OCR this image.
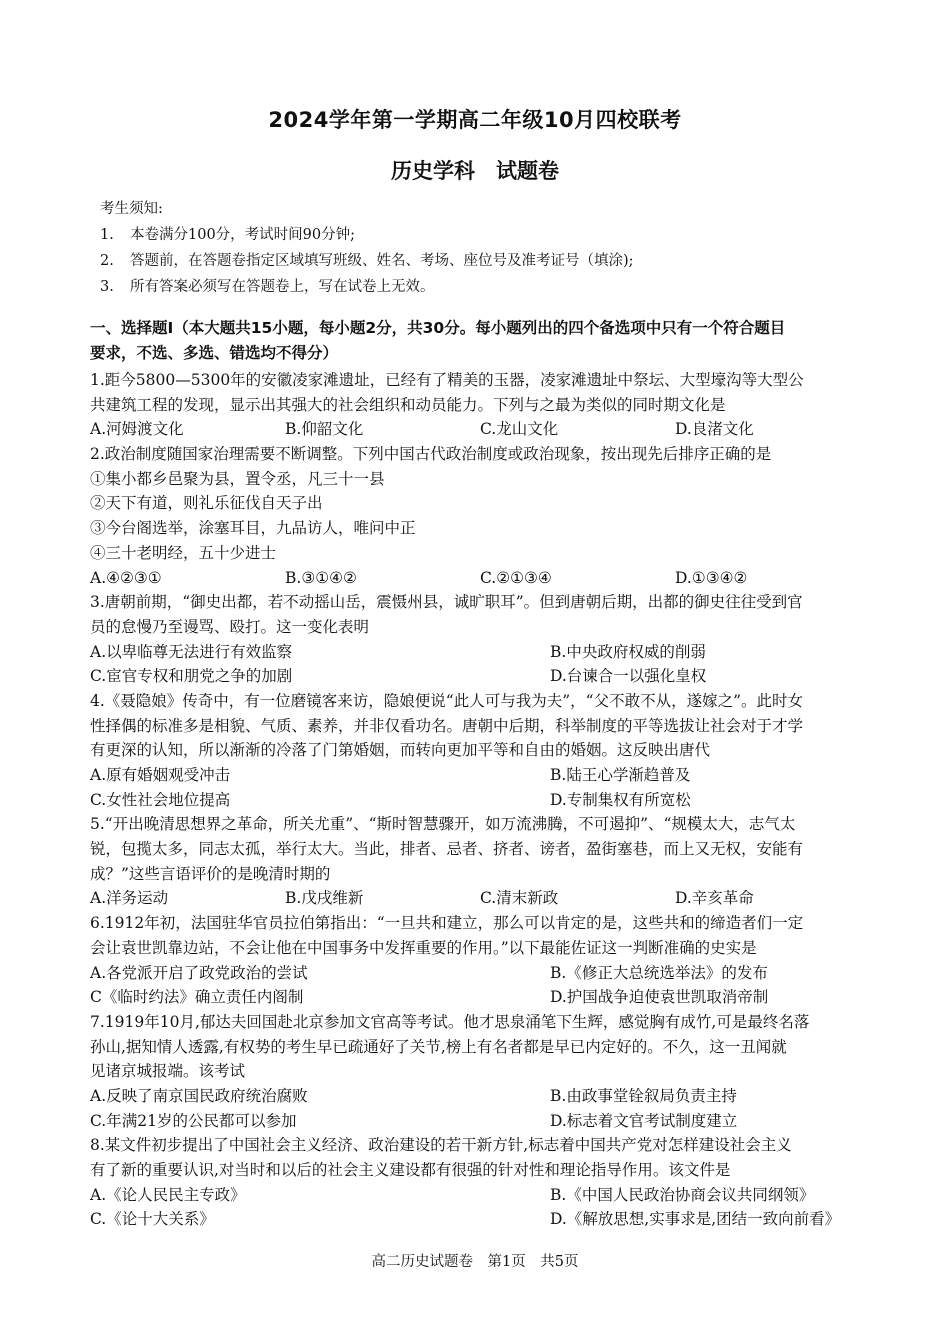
2024学年第一学期高二年级10月四校联考
历史学科　试题卷
考生须知:
1. 本卷满分100分，考试时间90分钟;
2. 答题前，在答题卷指定区域填写班级、姓名、考场、座位号及准考证号（填涂);
3. 所有答案必须写在答题卷上，写在试卷上无效。
一、选择题Ⅰ（本大题共15小题，每小题2分，共30分。每小题列出的四个备选项中只有一个符合题目
要求，不选、多选、错选均不得分）
1.距今5800—5300年的安徽凌家滩遗址，已经有了精美的玉器，凌家滩遗址中祭坛、大型壕沟等大型公
共建筑工程的发现，显示出其强大的社会组织和动员能力。下列与之最为类似的同时期文化是
A.河姆渡文化	B.仰韶文化	C.龙山文化	D.良渚文化
2.政治制度随国家治理需要不断调整。下列中国古代政治制度或政治现象，按出现先后排序正确的是
①集小都乡邑聚为县，置令丞，凡三十一县
②天下有道，则礼乐征伐自天子出
③今台阁选举，涂塞耳目，九品访人，唯问中正
④三十老明经，五十少进士
A.④②③①	B.③①④②	C.②①③④	D.①③④②
3.唐朝前期，“御史出都，若不动摇山岳，震慑州县，诚旷职耳”。但到唐朝后期，出都的御史往往受到官
员的怠慢乃至谩骂、殴打。这一变化表明
A.以卑临尊无法进行有效监察	B.中央政府权威的削弱
C.宦官专权和朋党之争的加剧	D.台谏合一以强化皇权
4.《聂隐娘》传奇中，有一位磨镜客来访，隐娘便说“此人可与我为夫”，“父不敢不从，遂嫁之”。此时女
性择偶的标准多是相貌、气质、素养，并非仅看功名。唐朝中后期，科举制度的平等选拔让社会对于才学
有更深的认知，所以渐渐的冷落了门第婚姻，而转向更加平等和自由的婚姻。这反映出唐代
A.原有婚姻观受冲击	B.陆王心学渐趋普及
C.女性社会地位提高	D.专制集权有所宽松
5.“开出晚清思想界之革命，所关尤重”、“斯时智慧骤开，如万流沸腾，不可遏抑”、“规模太大，志气太
锐，包揽太多，同志太孤，举行太大。当此，排者、忌者、挤者、谤者，盈街塞巷，而上又无权，安能有
成？”这些言语评价的是晚清时期的
A.洋务运动	B.戊戌维新	C.清末新政	D.辛亥革命
6.1912年初，法国驻华官员拉伯第指出：“一旦共和建立，那么可以肯定的是，这些共和的缔造者们一定
会让袁世凯靠边站，不会让他在中国事务中发挥重要的作用。”以下最能佐证这一判断准确的史实是
A.各党派开启了政党政治的尝试	B.《修正大总统选举法》的发布
C《临时约法》确立责任内阁制	D.护国战争迫使袁世凯取消帝制
7.1919年10月,郁达夫回国赴北京参加文官高等考试。他才思泉涌笔下生辉，感觉胸有成竹,可是最终名落
孙山,据知情人透露,有权势的考生早已疏通好了关节,榜上有名者都是早已内定好的。不久，这一丑闻就
见诸京城报端。该考试
A.反映了南京国民政府统治腐败	B.由政事堂铨叙局负责主持
C.年满21岁的公民都可以参加	D.标志着文官考试制度建立
8.某文件初步提出了中国社会主义经济、政治建设的若干新方针,标志着中国共产党对怎样建设社会主义
有了新的重要认识,对当时和以后的社会主义建设都有很强的针对性和理论指导作用。该文件是
A.《论人民民主专政》	B.《中国人民政治协商会议共同纲领》
C.《论十大关系》	D.《解放思想,实事求是,团结一致向前看》
高二历史试题卷　第1页　共5页
